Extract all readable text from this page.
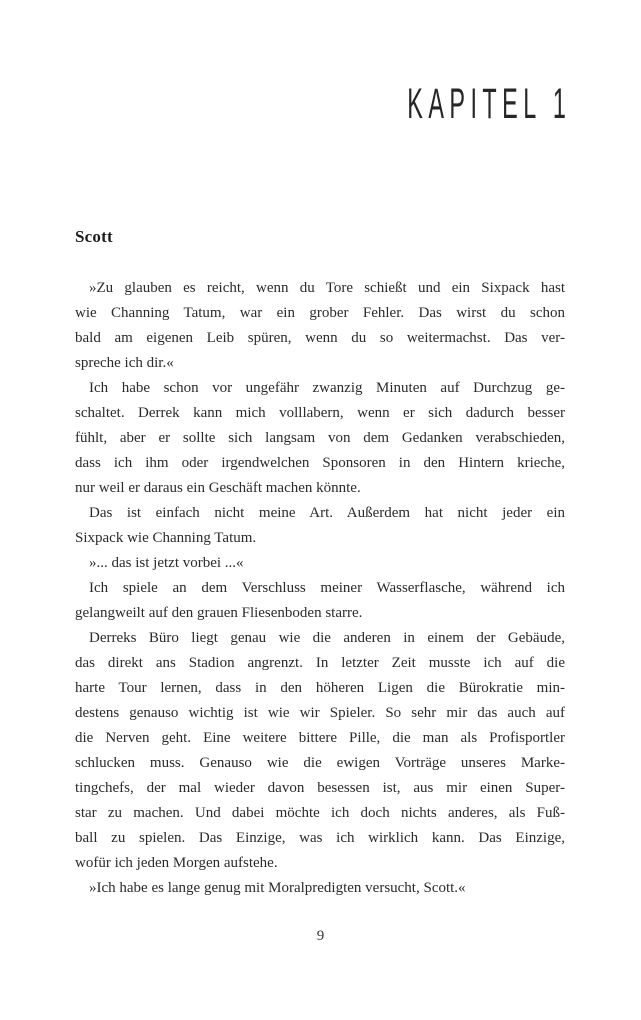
KAPITEL 1
Scott
»Zu glauben es reicht, wenn du Tore schießt und ein Sixpack hast
wie Channing Tatum, war ein grober Fehler. Das wirst du schon
bald am eigenen Leib spüren, wenn du so weitermachst. Das ver-
spreche ich dir.«
Ich habe schon vor ungefähr zwanzig Minuten auf Durchzug ge-
schaltet. Derrek kann mich volllabern, wenn er sich dadurch besser
fühlt, aber er sollte sich langsam von dem Gedanken verabschieden,
dass ich ihm oder irgendwelchen Sponsoren in den Hintern krieche,
nur weil er daraus ein Geschäft machen könnte.
Das ist einfach nicht meine Art. Außerdem hat nicht jeder ein
Sixpack wie Channing Tatum.
»... das ist jetzt vorbei ...«
Ich spiele an dem Verschluss meiner Wasserflasche, während ich
gelangweilt auf den grauen Fliesenboden starre.
Derreks Büro liegt genau wie die anderen in einem der Gebäude,
das direkt ans Stadion angrenzt. In letzter Zeit musste ich auf die
harte Tour lernen, dass in den höheren Ligen die Bürokratie min-
destens genauso wichtig ist wie wir Spieler. So sehr mir das auch auf
die Nerven geht. Eine weitere bittere Pille, die man als Profisportler
schlucken muss. Genauso wie die ewigen Vorträge unseres Marke-
tingchefs, der mal wieder davon besessen ist, aus mir einen Super-
star zu machen. Und dabei möchte ich doch nichts anderes, als Fuß-
ball zu spielen. Das Einzige, was ich wirklich kann. Das Einzige,
wofür ich jeden Morgen aufstehe.
»Ich habe es lange genug mit Moralpredigten versucht, Scott.«
9
